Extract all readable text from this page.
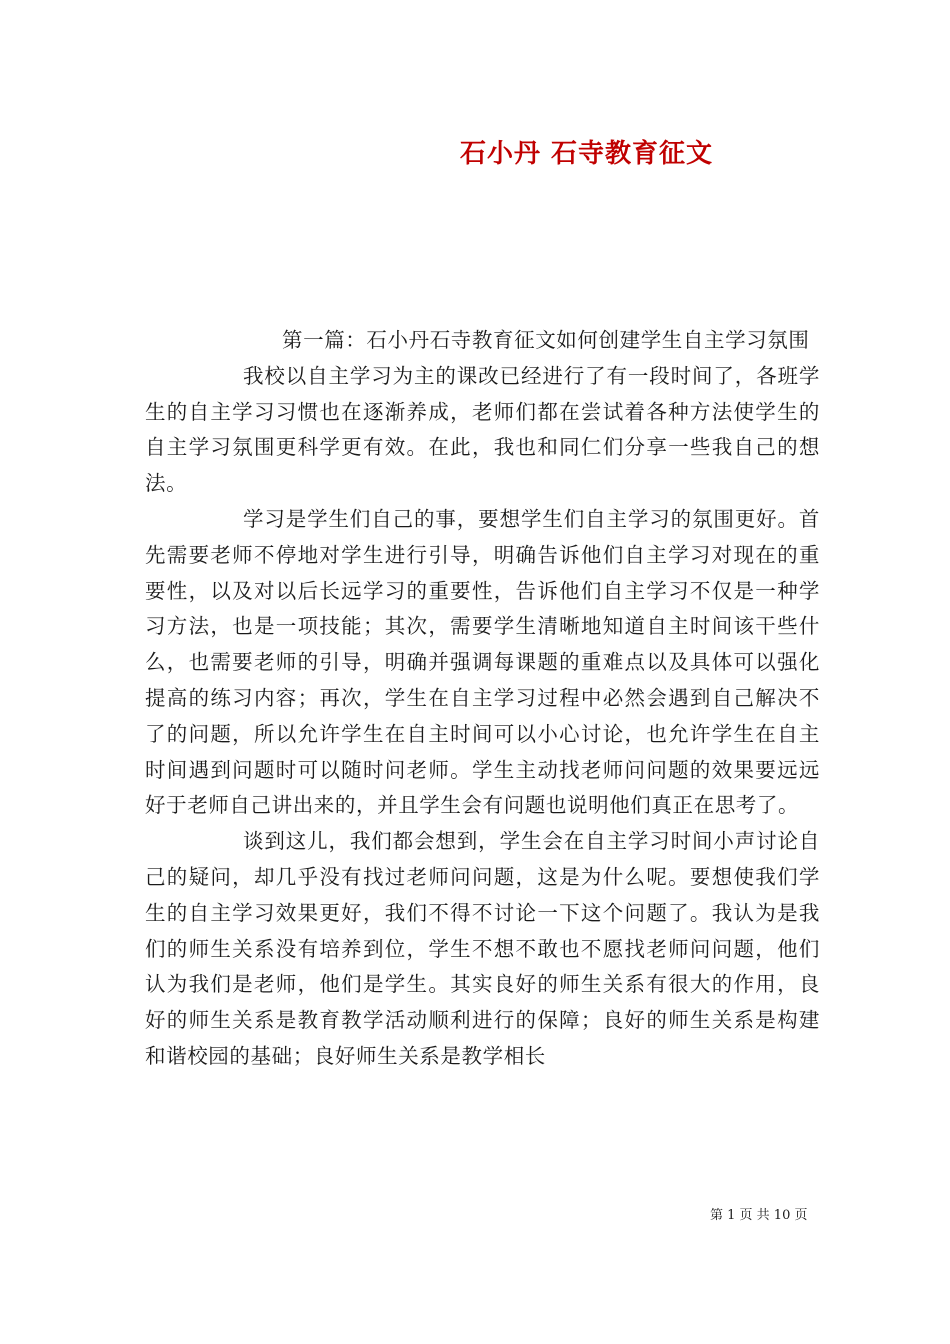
石小丹 石寺教育征文

第一篇：石小丹石寺教育征文如何创建学生自主学习氛围

我校以自主学习为主的课改已经进行了有一段时间了，各班学生的自主学习习惯也在逐渐养成，老师们都在尝试着各种方法使学生的自主学习氛围更科学更有效。在此，我也和同仁们分享一些我自己的想法。

学习是学生们自己的事，要想学生们自主学习的氛围更好。首先需要老师不停地对学生进行引导，明确告诉他们自主学习对现在的重要性，以及对以后长远学习的重要性，告诉他们自主学习不仅是一种学习方法，也是一项技能；其次，需要学生清晰地知道自主时间该干些什么，也需要老师的引导，明确并强调每课题的重难点以及具体可以强化提高的练习内容；再次，学生在自主学习过程中必然会遇到自己解决不了的问题，所以允许学生在自主时间可以小心讨论，也允许学生在自主时间遇到问题时可以随时问老师。学生主动找老师问问题的效果要远远好于老师自己讲出来的，并且学生会有问题也说明他们真正在思考了。

谈到这儿，我们都会想到，学生会在自主学习时间小声讨论自己的疑问，却几乎没有找过老师问问题，这是为什么呢。要想使我们学生的自主学习效果更好，我们不得不讨论一下这个问题了。我认为是我们的师生关系没有培养到位，学生不想不敢也不愿找老师问问题，他们认为我们是老师，他们是学生。其实良好的师生关系有很大的作用，良好的师生关系是教育教学活动顺利进行的保障；良好的师生关系是构建和谐校园的基础；良好师生关系是教学相长

第 1 页 共 10 页
